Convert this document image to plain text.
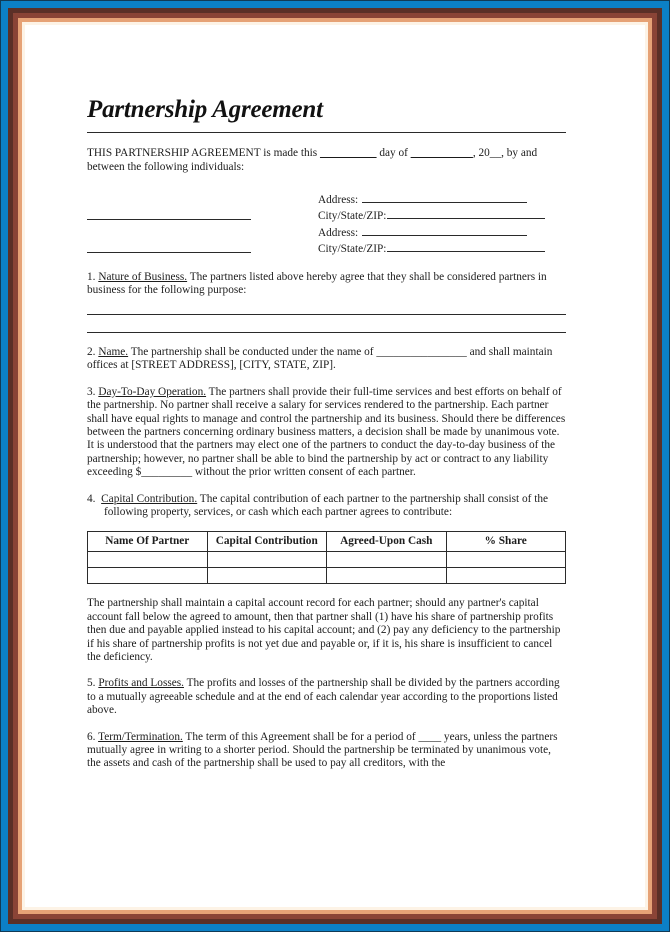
Partnership Agreement

THIS PARTNERSHIP AGREEMENT is made this __________ day of ___________, 20__, by and between the following individuals:

Address:
City/State/ZIP:
Address:
City/State/ZIP:
1. Nature of Business. The partners listed above hereby agree that they shall be considered partners in business for the following purpose:
2. Name. The partnership shall be conducted under the name of ________________ and shall maintain offices at [STREET ADDRESS], [CITY, STATE, ZIP].
3. Day-To-Day Operation. The partners shall provide their full-time services and best efforts on behalf of the partnership. No partner shall receive a salary for services rendered to the partnership. Each partner shall have equal rights to manage and control the partnership and its business. Should there be differences between the partners concerning ordinary business matters, a decision shall be made by unanimous vote. It is understood that the partners may elect one of the partners to conduct the day-to-day business of the partnership; however, no partner shall be able to bind the partnership by act or contract to any liability exceeding $_________ without the prior written consent of each partner.
4. Capital Contribution. The capital contribution of each partner to the partnership shall consist of the following property, services, or cash which each partner agrees to contribute:
Name Of Partner	Capital Contribution	Agreed-Upon Cash	% Share

The partnership shall maintain a capital account record for each partner; should any partner's capital account fall below the agreed to amount, then that partner shall (1) have his share of partnership profits then due and payable applied instead to his capital account; and (2) pay any deficiency to the partnership if his share of partnership profits is not yet due and payable or, if it is, his share is insufficient to cancel the deficiency.

5. Profits and Losses. The profits and losses of the partnership shall be divided by the partners according to a mutually agreeable schedule and at the end of each calendar year according to the proportions listed above.
6. Term/Termination. The term of this Agreement shall be for a period of ____ years, unless the partners mutually agree in writing to a shorter period. Should the partnership be terminated by unanimous vote, the assets and cash of the partnership shall be used to pay all creditors, with the
